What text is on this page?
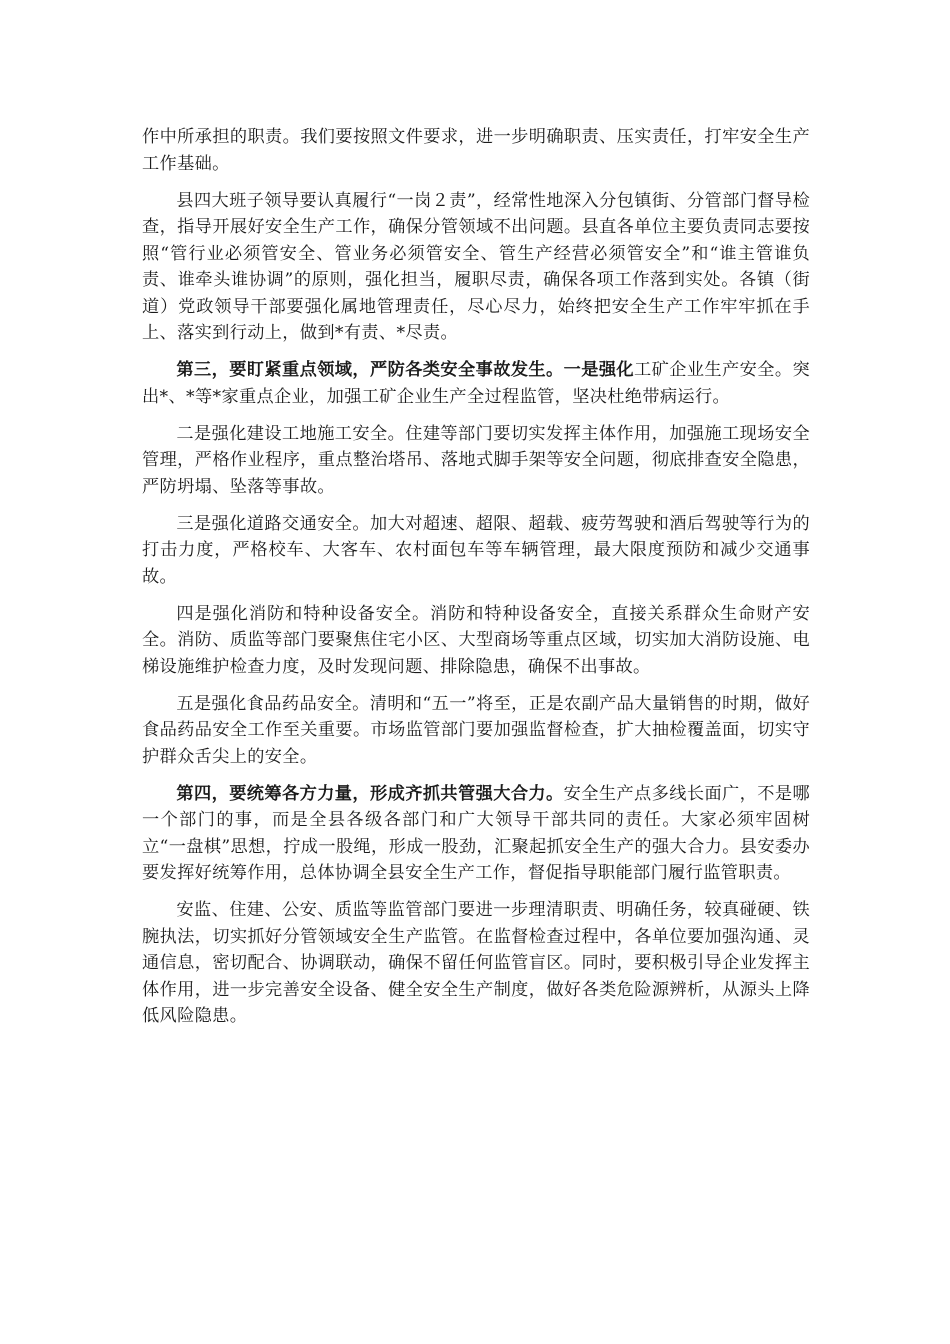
作中所承担的职责。我们要按照文件要求，进一步明确职责、压实责任，打牢安全生产工作基础。

县四大班子领导要认真履行“一岗２责”，经常性地深入分包镇街、分管部门督导检查，指导开展好安全生产工作，确保分管领域不出问题。县直各单位主要负责同志要按照“管行业必须管安全、管业务必须管安全、管生产经营必须管安全”和“谁主管谁负责、谁牵头谁协调”的原则，强化担当，履职尽责，确保各项工作落到实处。各镇（街道）党政领导干部要强化属地管理责任，尽心尽力，始终把安全生产工作牢牢抓在手上、落实到行动上，做到*有责、*尽责。

第三，要盯紧重点领域，严防各类安全事故发生。一是强化工矿企业生产安全。突出*、*等*家重点企业，加强工矿企业生产全过程监管，坚决杜绝带病运行。

二是强化建设工地施工安全。住建等部门要切实发挥主体作用，加强施工现场安全管理，严格作业程序，重点整治塔吊、落地式脚手架等安全问题，彻底排查安全隐患，严防坍塌、坠落等事故。

三是强化道路交通安全。加大对超速、超限、超载、疲劳驾驶和酒后驾驶等行为的打击力度，严格校车、大客车、农村面包车等车辆管理，最大限度预防和减少交通事故。

四是强化消防和特种设备安全。消防和特种设备安全，直接关系群众生命财产安全。消防、质监等部门要聚焦住宅小区、大型商场等重点区域，切实加大消防设施、电梯设施维护检查力度，及时发现问题、排除隐患，确保不出事故。

五是强化食品药品安全。清明和“五一”将至，正是农副产品大量销售的时期，做好食品药品安全工作至关重要。市场监管部门要加强监督检查，扩大抽检覆盖面，切实守护群众舌尖上的安全。

第四，要统筹各方力量，形成齐抓共管强大合力。安全生产点多线长面广，不是哪一个部门的事，而是全县各级各部门和广大领导干部共同的责任。大家必须牢固树立“一盘棋”思想，拧成一股绳，形成一股劲，汇聚起抓安全生产的强大合力。县安委办要发挥好统筹作用，总体协调全县安全生产工作，督促指导职能部门履行监管职责。

安监、住建、公安、质监等监管部门要进一步理清职责、明确任务，较真碰硬、铁腕执法，切实抓好分管领域安全生产监管。在监督检查过程中，各单位要加强沟通、灵通信息，密切配合、协调联动，确保不留任何监管盲区。同时，要积极引导企业发挥主体作用，进一步完善安全设备、健全安全生产制度，做好各类危险源辨析，从源头上降低风险隐患。
